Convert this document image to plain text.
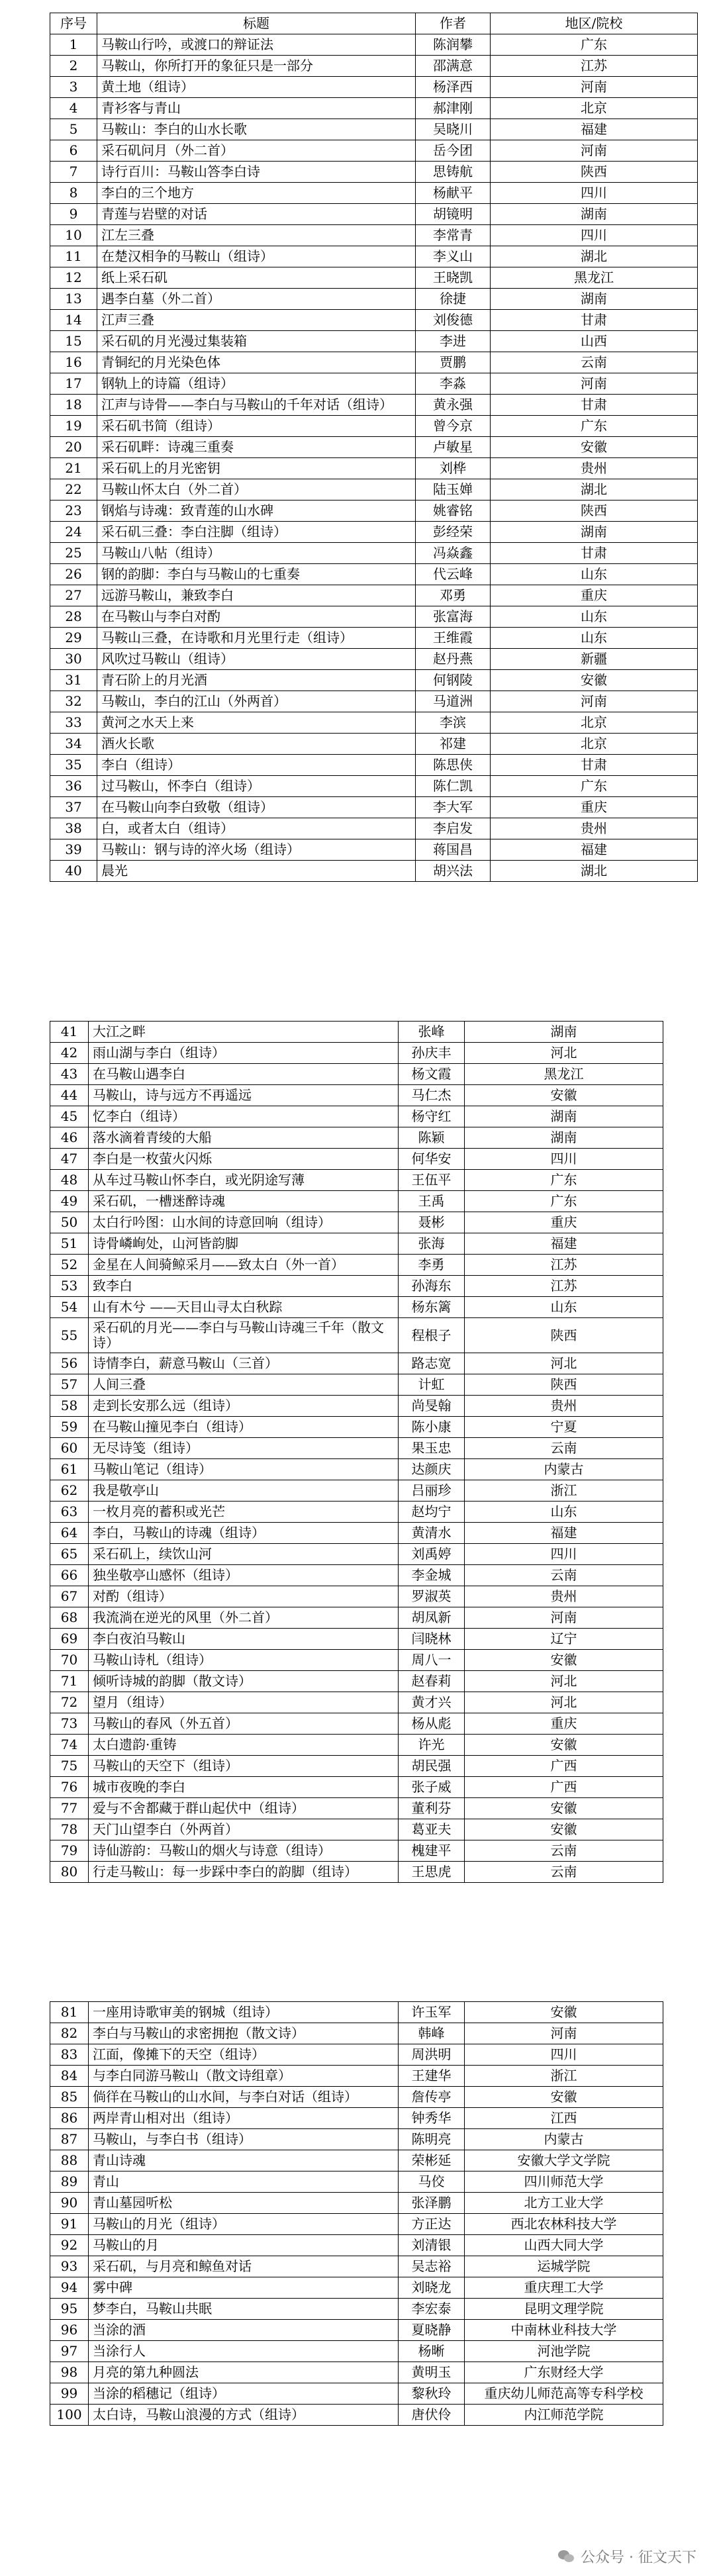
序号	标题	作者	地区/院校
1	马鞍山行吟，或渡口的辩证法	陈润攀	广东
2	马鞍山，你所打开的象征只是一部分	邵满意	江苏
3	黄土地（组诗）	杨泽西	河南
4	青衫客与青山	郝津刚	北京
5	马鞍山：李白的山水长歌	吴晓川	福建
6	采石矶问月（外二首）	岳今团	河南
7	诗行百川：马鞍山答李白诗	思铸航	陕西
8	李白的三个地方	杨献平	四川
9	青莲与岩壁的对话	胡镜明	湖南
10	江左三叠	李常青	四川
11	在楚汉相争的马鞍山（组诗）	李义山	湖北
12	纸上采石矶	王晓凯	黑龙江
13	遇李白墓（外二首）	徐捷	湖南
14	江声三叠	刘俊德	甘肃
15	采石矶的月光漫过集装箱	李进	山西
16	青铜纪的月光染色体	贾鹏	云南
17	钢轨上的诗篇（组诗）	李淼	河南
18	江声与诗骨——李白与马鞍山的千年对话（组诗）	黄永强	甘肃
19	采石矶书简（组诗）	曾今京	广东
20	采石矶畔：诗魂三重奏	卢敏星	安徽
21	采石矶上的月光密钥	刘桦	贵州
22	马鞍山怀太白（外二首）	陆玉婵	湖北
23	钢焰与诗魂：致青莲的山水碑	姚睿铭	陕西
24	采石矶三叠：李白注脚（组诗）	彭经荣	湖南
25	马鞍山八帖（组诗）	冯焱鑫	甘肃
26	钢的韵脚：李白与马鞍山的七重奏	代云峰	山东
27	远游马鞍山，兼致李白	邓勇	重庆
28	在马鞍山与李白对酌	张富海	山东
29	马鞍山三叠，在诗歌和月光里行走（组诗）	王维霞	山东
30	风吹过马鞍山（组诗）	赵丹燕	新疆
31	青石阶上的月光酒	何钢陵	安徽
32	马鞍山，李白的江山（外两首）	马道洲	河南
33	黄河之水天上来	李滨	北京
34	酒火长歌	祁建	北京
35	李白（组诗）	陈思侠	甘肃
36	过马鞍山，怀李白（组诗）	陈仁凯	广东
37	在马鞍山向李白致敬（组诗）	李大军	重庆
38	白，或者太白（组诗）	李启发	贵州
39	马鞍山：钢与诗的淬火场（组诗）	蒋国昌	福建
40	晨光	胡兴法	湖北

41	大江之畔	张峰	湖南
42	雨山湖与李白（组诗）	孙庆丰	河北
43	在马鞍山遇李白	杨文霞	黑龙江
44	马鞍山，诗与远方不再遥远	马仁杰	安徽
45	忆李白（组诗）	杨守红	湖南
46	落水滴着青绫的大船	陈颖	湖南
47	李白是一枚萤火闪烁	何华安	四川
48	从车过马鞍山怀李白，或光阴途写薄	王伍平	广东
49	采石矶，一槽迷醉诗魂	王禹	广东
50	太白行吟图：山水间的诗意回响（组诗）	聂彬	重庆
51	诗骨嶙峋处，山河皆韵脚	张海	福建
52	金星在人间骑鲸采月——致太白（外一首）	李勇	江苏
53	致李白	孙海东	江苏
54	山有木兮 ——天目山寻太白秋踪	杨东篱	山东
55	采石矶的月光——李白与马鞍山诗魂三千年（散文诗）	程根子	陕西
56	诗情李白，薪意马鞍山（三首）	路志宽	河北
57	人间三叠	计虹	陕西
58	走到长安那么远（组诗）	尚旻翰	贵州
59	在马鞍山撞见李白（组诗）	陈小康	宁夏
60	无尽诗笺（组诗）	果玉忠	云南
61	马鞍山笔记（组诗）	达颜庆	内蒙古
62	我是敬亭山	吕丽珍	浙江
63	一枚月亮的蓄积或光芒	赵均宁	山东
64	李白，马鞍山的诗魂（组诗）	黄清水	福建
65	采石矶上，续饮山河	刘禹婷	四川
66	独坐敬亭山感怀（组诗）	李金城	云南
67	对酌（组诗）	罗淑英	贵州
68	我流淌在逆光的风里（外二首）	胡凤新	河南
69	李白夜泊马鞍山	闫晓林	辽宁
70	马鞍山诗札（组诗）	周八一	安徽
71	倾听诗城的韵脚（散文诗）	赵春莉	河北
72	望月（组诗）	黄才兴	河北
73	马鞍山的春风（外五首）	杨从彪	重庆
74	太白遗韵·重铸	许光	安徽
75	马鞍山的天空下（组诗）	胡民强	广西
76	城市夜晚的李白	张子威	广西
77	爱与不舍都藏于群山起伏中（组诗）	董利芬	安徽
78	天门山望李白（外两首）	葛亚夫	安徽
79	诗仙游韵：马鞍山的烟火与诗意（组诗）	槐建平	云南
80	行走马鞍山：每一步踩中李白的韵脚（组诗）	王思虎	云南

81	一座用诗歌审美的钢城（组诗）	许玉军	安徽
82	李白与马鞍山的求密拥抱（散文诗）	韩峰	河南
83	江面，像摊下的天空（组诗）	周洪明	四川
84	与李白同游马鞍山（散文诗组章）	王建华	浙江
85	倘徉在马鞍山的山水间，与李白对话（组诗）	詹传亭	安徽
86	两岸青山相对出（组诗）	钟秀华	江西
87	马鞍山，与李白书（组诗）	陈明亮	内蒙古
88	青山诗魂	荣彬延	安徽大学文学院
89	青山	马佼	四川师范大学
90	青山墓园听松	张泽鹏	北方工业大学
91	马鞍山的月光（组诗）	方正达	西北农林科技大学
92	马鞍山的月	刘清银	山西大同大学
93	采石矶，与月亮和鲸鱼对话	吴志裕	运城学院
94	雾中碑	刘晓龙	重庆理工大学
95	梦李白，马鞍山共眠	李宏泰	昆明文理学院
96	当涂的酒	夏晓静	中南林业科技大学
97	当涂行人	杨晰	河池学院
98	月亮的第九种圆法	黄明玉	广东财经大学
99	当涂的稻穗记（组诗）	黎秋玲	重庆幼儿师范高等专科学校
100	太白诗，马鞍山浪漫的方式（组诗）	唐伏伶	内江师范学院
公众号 · 征文天下
